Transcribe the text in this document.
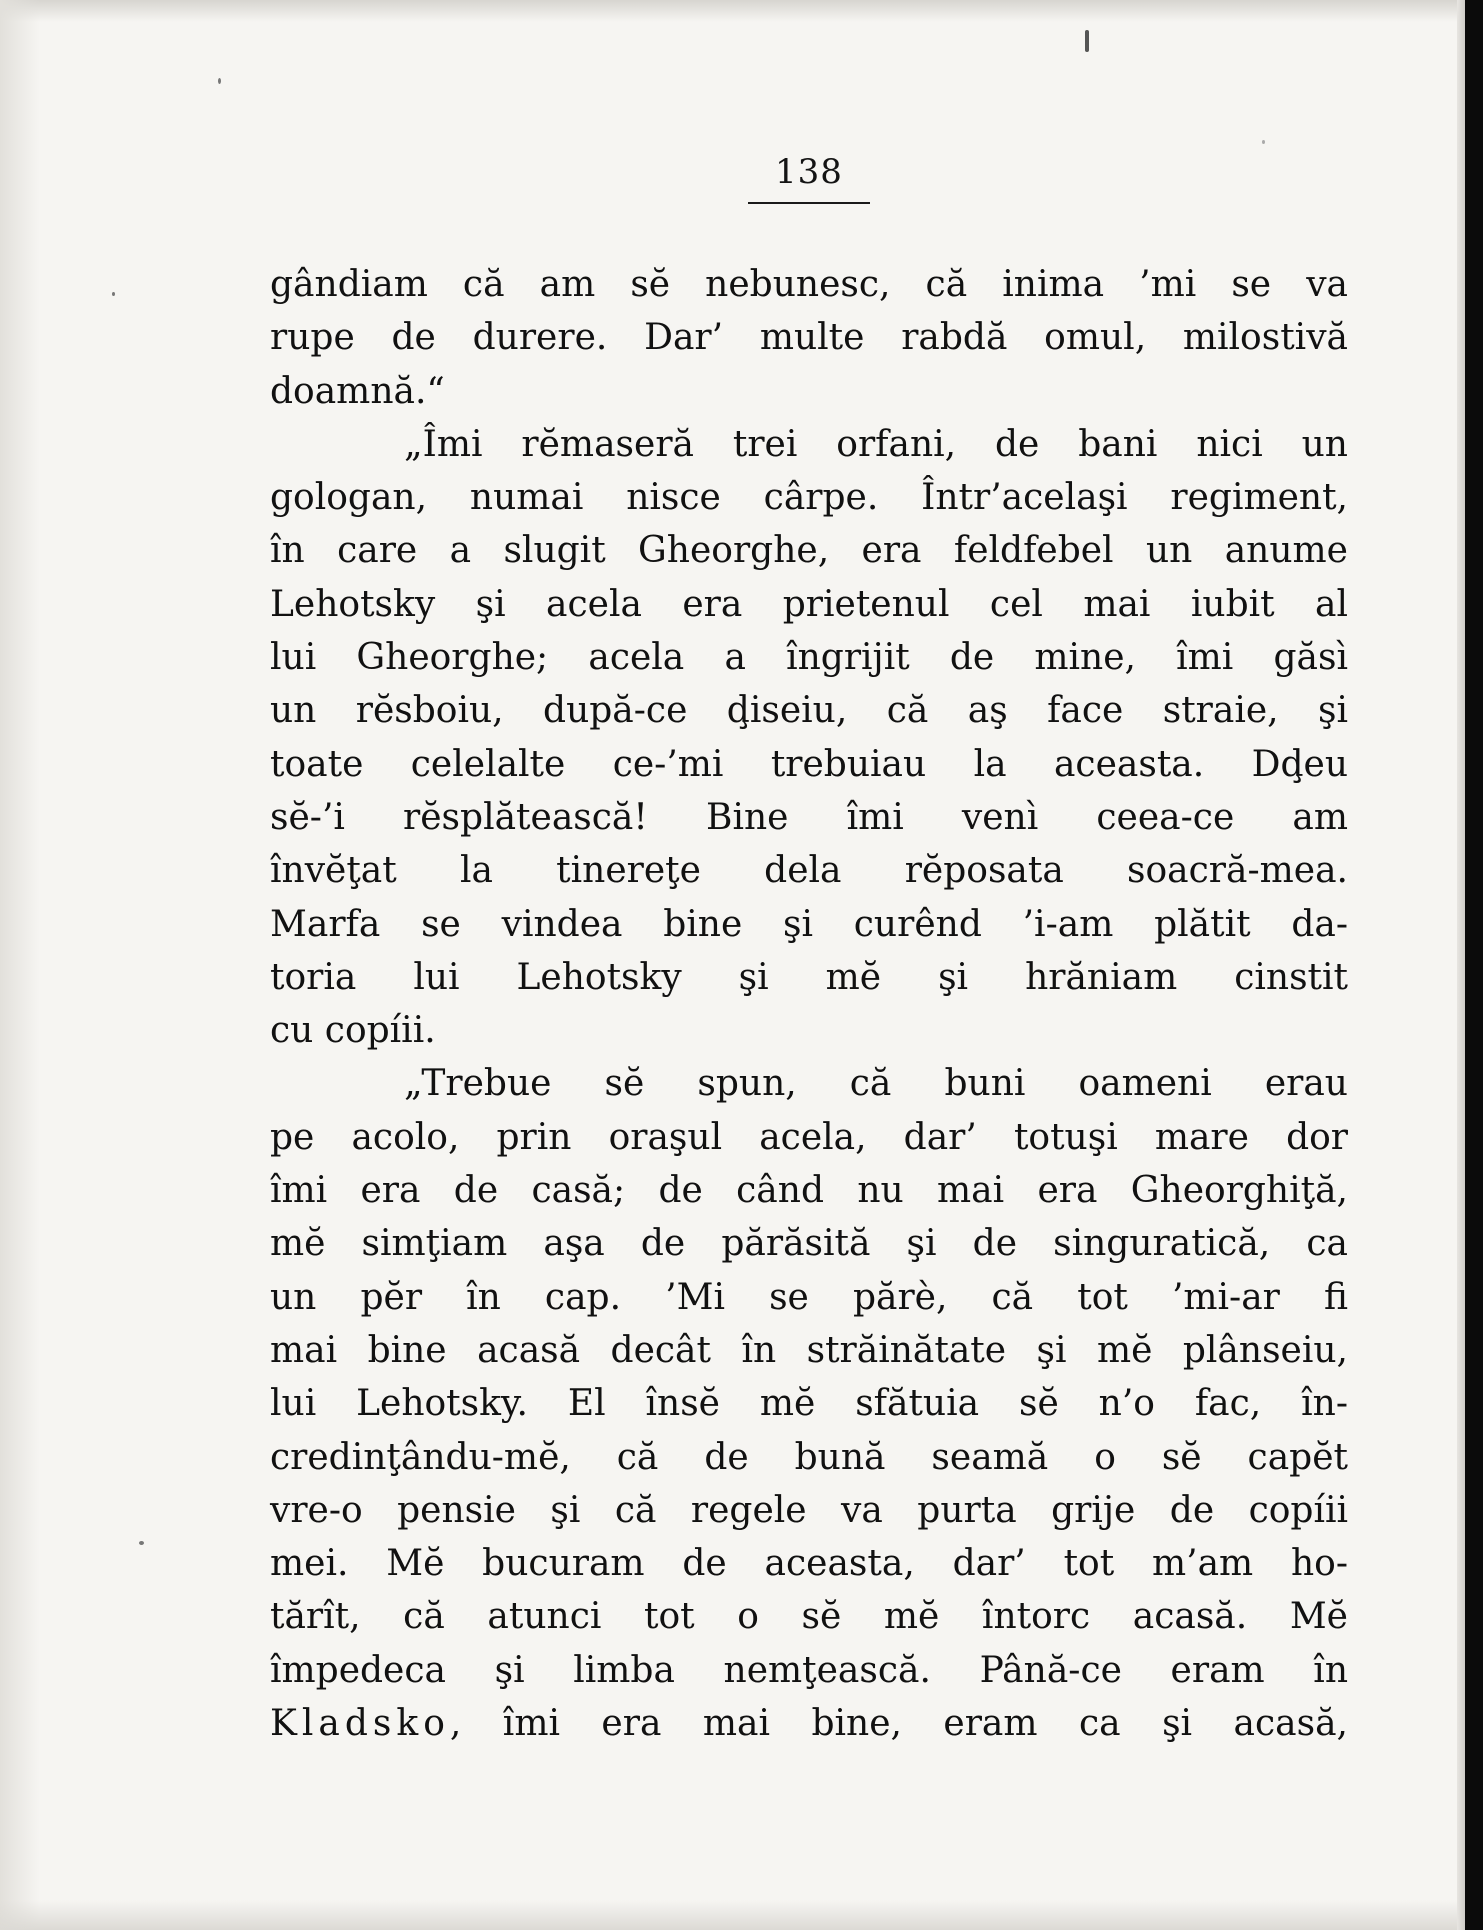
138
gândiam că am sĕ nebunesc, că inima ’mi se va
rupe de durere. Dar’ multe rabdă omul, milostivă
doamnă.“
„Îmi rĕmaseră trei orfani, de bani nici un
gologan, numai nisce cârpe. Într’acelaşi regiment,
în care a slugit Gheorghe, era feldfebel un anume
Lehotsky şi acela era prietenul cel mai iubit al
lui Gheorghe; acela a îngrijit de mine, îmi găsì
un rĕsboiu, după-ce ḑiseiu, că aş face straie, şi
toate celelalte ce-’mi trebuiau la aceasta. Dḑeu
sĕ-’i rĕsplătească! Bine îmi venì ceea-ce am
învĕţat la tinereţe dela rĕposata soacră-mea.
Marfa se vindea bine şi curênd ’i-am plătit da-
toria lui Lehotsky şi mĕ şi hrăniam cinstit
cu copíii.
„Trebue sĕ spun, că buni oameni erau
pe acolo, prin oraşul acela, dar’ totuşi mare dor
îmi era de casă; de când nu mai era Gheorghiţă,
mĕ simţiam aşa de părăsită şi de singuratică, ca
un pĕr în cap. ’Mi se părè, că tot ’mi-ar fi
mai bine acasă decât în străinătate şi mĕ plânseiu,
lui Lehotsky. El însĕ mĕ sfătuia sĕ n’o fac, în-
credinţându-mĕ, că de bună seamă o sĕ capĕt
vre-o pensie şi că regele va purta grije de copíii
mei. Mĕ bucuram de aceasta, dar’ tot m’am ho-
tărît, că atunci tot o sĕ mĕ întorc acasă. Mĕ
împedeca şi limba nemţească. Până-ce eram în
Kladsko, îmi era mai bine, eram ca şi acasă,
